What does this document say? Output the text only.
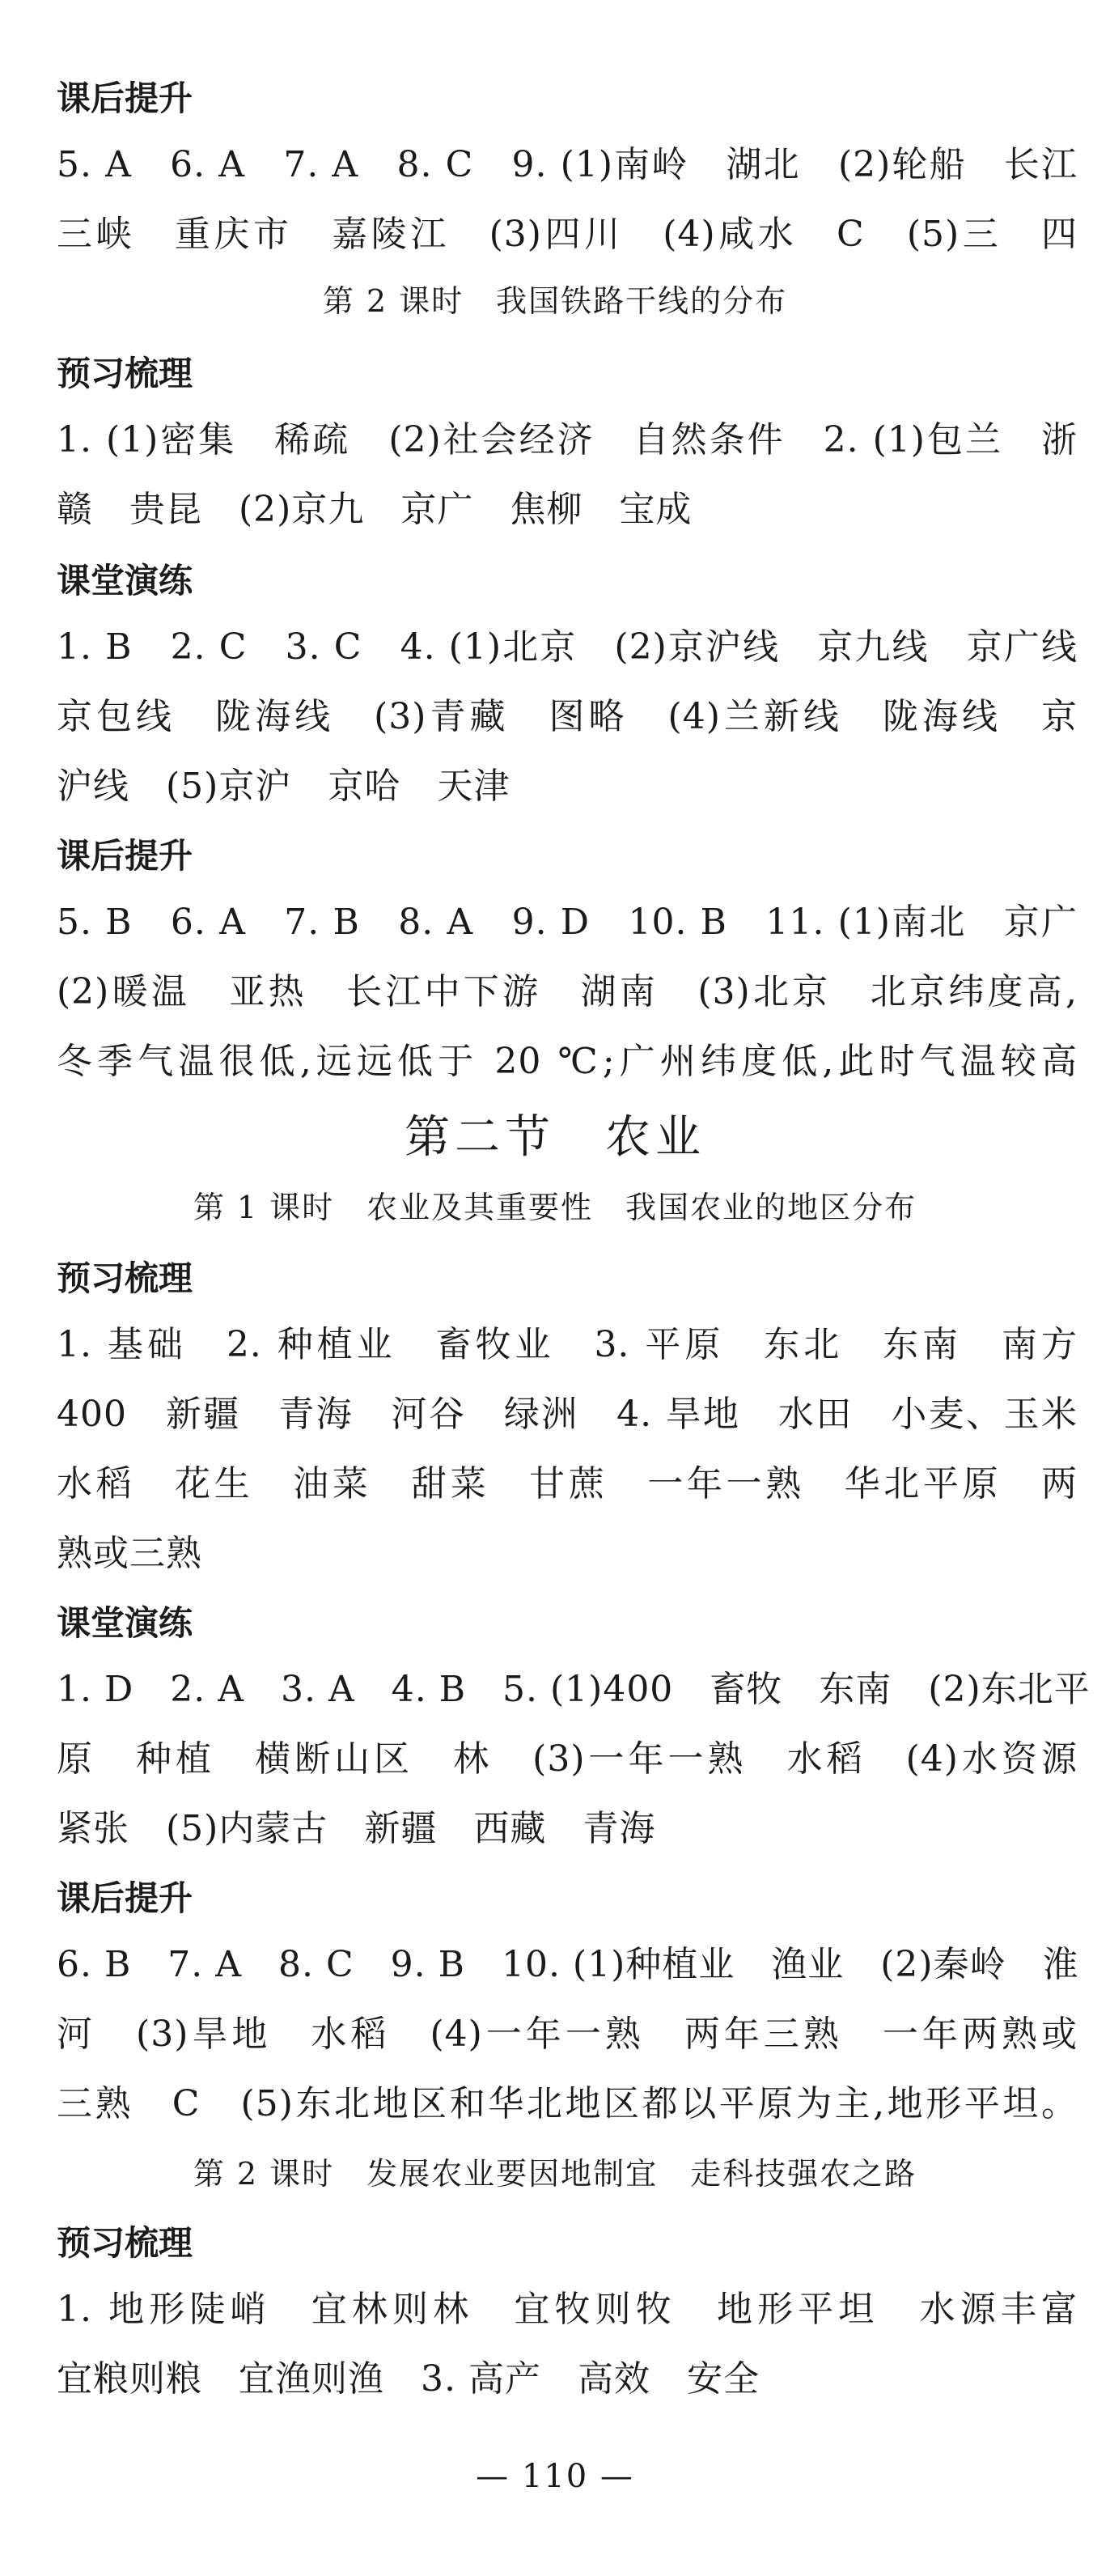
课后提升
5. A　6. A　7. A　8. C　9. (1)南岭　湖北　(2)轮船　长江
三峡　重庆市　嘉陵江　(3)四川　(4)咸水　C　(5)三　四
第 2 课时　我国铁路干线的分布
预习梳理
1. (1)密集　稀疏　(2)社会经济　自然条件　2. (1)包兰　浙
赣　贵昆　(2)京九　京广　焦柳　宝成
课堂演练
1. B　2. C　3. C　4. (1)北京　(2)京沪线　京九线　京广线
京包线　陇海线　(3)青藏　图略　(4)兰新线　陇海线　京
沪线　(5)京沪　京哈　天津
课后提升
5. B　6. A　7. B　8. A　9. D　10. B　11. (1)南北　京广
(2)暖温　亚热　长江中下游　湖南　(3)北京　北京纬度高,
冬季气温很低,远远低于 20 ℃;广州纬度低,此时气温较高
第二节　农业
第 1 课时　农业及其重要性　我国农业的地区分布
预习梳理
1. 基础　2. 种植业　畜牧业　3. 平原　东北　东南　南方
400　新疆　青海　河谷　绿洲　4. 旱地　水田　小麦、玉米
水稻　花生　油菜　甜菜　甘蔗　一年一熟　华北平原　两
熟或三熟
课堂演练
1. D　2. A　3. A　4. B　5. (1)400　畜牧　东南　(2)东北平
原　种植　横断山区　林　(3)一年一熟　水稻　(4)水资源
紧张　(5)内蒙古　新疆　西藏　青海
课后提升
6. B　7. A　8. C　9. B　10. (1)种植业　渔业　(2)秦岭　淮
河　(3)旱地　水稻　(4)一年一熟　两年三熟　一年两熟或
三熟　C　(5)东北地区和华北地区都以平原为主,地形平坦。
第 2 课时　发展农业要因地制宜　走科技强农之路
预习梳理
1. 地形陡峭　宜林则林　宜牧则牧　地形平坦　水源丰富
宜粮则粮　宜渔则渔　3. 高产　高效　安全
— 110 —
